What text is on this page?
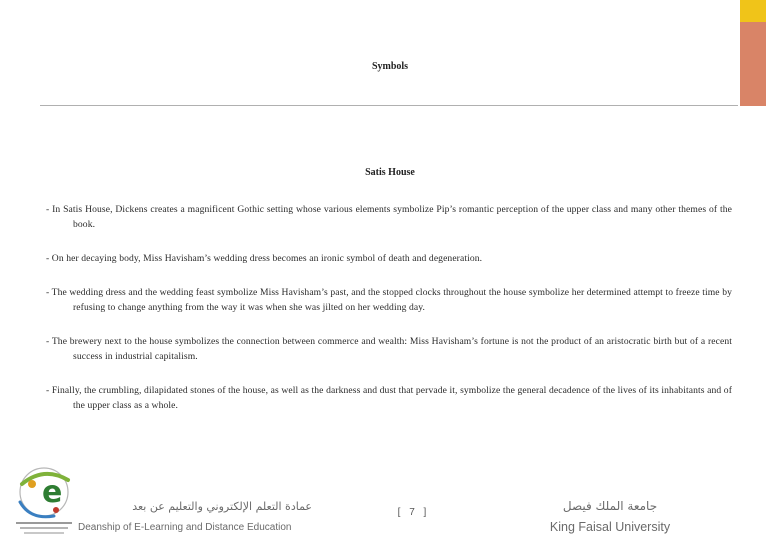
Symbols
Satis House
- In Satis House, Dickens creates a magnificent Gothic setting whose various elements symbolize Pip’s romantic perception of the upper class and many other themes of the book.
- On her decaying body, Miss Havisham’s wedding dress becomes an ironic symbol of death and degeneration.
- The wedding dress and the wedding feast symbolize Miss Havisham’s past, and the stopped clocks throughout the house symbolize her determined attempt to freeze time by refusing to change anything from the way it was when she was jilted on her wedding day.
- The brewery next to the house symbolizes the connection between commerce and wealth: Miss Havisham’s fortune is not the product of an aristocratic birth but of a recent success in industrial capitalism.
- Finally, the crumbling, dilapidated stones of the house, as well as the darkness and dust that pervade it, symbolize the general decadence of the lives of its inhabitants and of the upper class as a whole.
e	عمادة التعلم الإلكتروني والتعليم عن بعد
Deanship of E-Learning and Distance Education
[ 7 ]	جامعة الملك فيصل
King Faisal University
